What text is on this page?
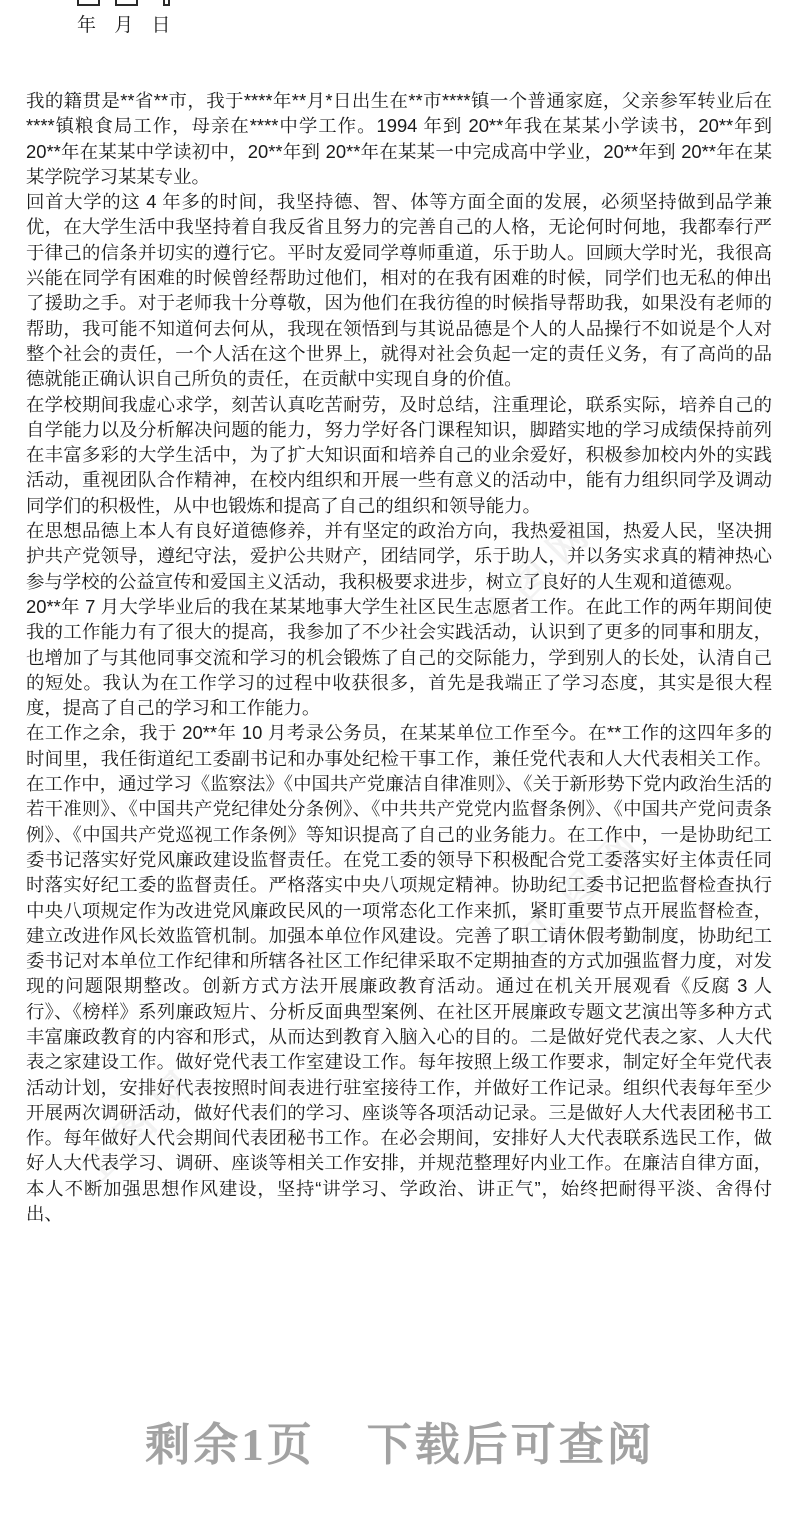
年 月 日
工图网
工图网
工图网

我的籍贯是**省**市，我于****年**月*日出生在**市****镇一个普通家庭，父亲参军转业后在****镇粮食局工作，母亲在****中学工作。1994 年到 20**年我在某某小学读书，20**年到 20**年在某某中学读初中，20**年到 20**年在某某一中完成高中学业，20**年到 20**年在某某学院学习某某专业。

回首大学的这 4 年多的时间，我坚持德、智、体等方面全面的发展，必须坚持做到品学兼优，在大学生活中我坚持着自我反省且努力的完善自己的人格，无论何时何地，我都奉行严于律己的信条并切实的遵行它。平时友爱同学尊师重道，乐于助人。回顾大学时光，我很高兴能在同学有困难的时候曾经帮助过他们，相对的在我有困难的时候，同学们也无私的伸出了援助之手。对于老师我十分尊敬，因为他们在我彷徨的时候指导帮助我，如果没有老师的帮助，我可能不知道何去何从，我现在领悟到与其说品德是个人的人品操行不如说是个人对整个社会的责任，一个人活在这个世界上，就得对社会负起一定的责任义务，有了高尚的品德就能正确认识自己所负的责任，在贡献中实现自身的价值。

在学校期间我虚心求学，刻苦认真吃苦耐劳，及时总结，注重理论，联系实际，培养自己的自学能力以及分析解决问题的能力，努力学好各门课程知识，脚踏实地的学习成绩保持前列在丰富多彩的大学生活中，为了扩大知识面和培养自己的业余爱好，积极参加校内外的实践活动，重视团队合作精神，在校内组织和开展一些有意义的活动中，能有力组织同学及调动同学们的积极性，从中也锻炼和提高了自己的组织和领导能力。

在思想品德上本人有良好道德修养，并有坚定的政治方向，我热爱祖国，热爱人民，坚决拥护共产党领导，遵纪守法，爱护公共财产，团结同学，乐于助人，并以务实求真的精神热心参与学校的公益宣传和爱国主义活动，我积极要求进步，树立了良好的人生观和道德观。

20**年 7 月大学毕业后的我在某某地事大学生社区民生志愿者工作。在此工作的两年期间使我的工作能力有了很大的提高，我参加了不少社会实践活动，认识到了更多的同事和朋友，也增加了与其他同事交流和学习的机会锻炼了自己的交际能力，学到别人的长处，认清自己的短处。我认为在工作学习的过程中收获很多，首先是我端正了学习态度，其实是很大程度，提高了自己的学习和工作能力。

在工作之余，我于 20**年 10 月考录公务员，在某某单位工作至今。在**工作的这四年多的时间里，我任街道纪工委副书记和办事处纪检干事工作，兼任党代表和人大代表相关工作。在工作中，通过学习《监察法》《中国共产党廉洁自律准则》、《关于新形势下党内政治生活的若干准则》、《中国共产党纪律处分条例》、《中共共产党党内监督条例》、《中国共产党问责条例》、《中国共产党巡视工作条例》等知识提高了自己的业务能力。在工作中，一是协助纪工委书记落实好党风廉政建设监督责任。在党工委的领导下积极配合党工委落实好主体责任同时落实好纪工委的监督责任。严格落实中央八项规定精神。协助纪工委书记把监督检查执行中央八项规定作为改进党风廉政民风的一项常态化工作来抓，紧盯重要节点开展监督检查，建立改进作风长效监管机制。加强本单位作风建设。完善了职工请休假考勤制度，协助纪工委书记对本单位工作纪律和所辖各社区工作纪律采取不定期抽查的方式加强监督力度，对发现的问题限期整改。创新方式方法开展廉政教育活动。通过在机关开展观看《反腐 3 人行》、《榜样》系列廉政短片、分析反面典型案例、在社区开展廉政专题文艺演出等多种方式丰富廉政教育的内容和形式，从而达到教育入脑入心的目的。二是做好党代表之家、人大代表之家建设工作。做好党代表工作室建设工作。每年按照上级工作要求，制定好全年党代表活动计划，安排好代表按照时间表进行驻室接待工作，并做好工作记录。组织代表每年至少开展两次调研活动，做好代表们的学习、座谈等各项活动记录。三是做好人大代表团秘书工作。每年做好人代会期间代表团秘书工作。在必会期间，安排好人大代表联系选民工作，做好人大代表学习、调研、座谈等相关工作安排，并规范整理好内业工作。在廉洁自律方面，本人不断加强思想作风建设，坚持“讲学习、学政治、讲正气”，始终把耐得平淡、舍得付出、

剩余1页 下载后可查阅
